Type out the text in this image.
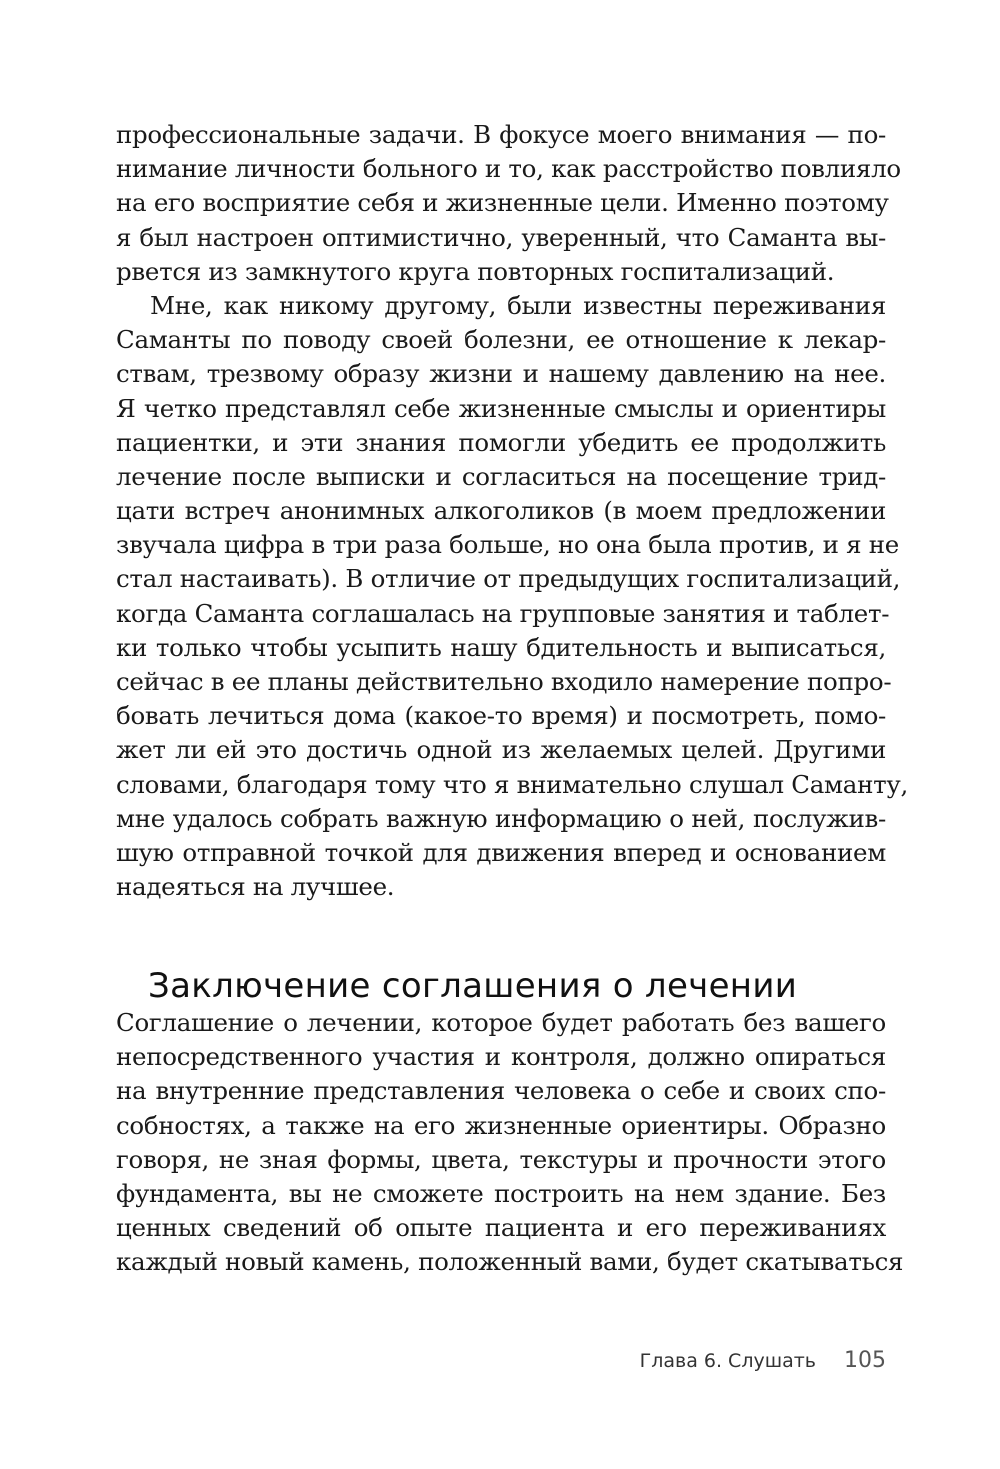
профессиональные задачи. В фокусе моего внимания — по-
нимание личности больного и то, как расстройство повлияло
на его восприятие себя и жизненные цели. Именно поэтому
я был настроен оптимистично, уверенный, что Саманта вы-
рвется из замкнутого круга повторных госпитализаций.
Мне, как никому другому, были известны переживания
Саманты по поводу своей болезни, ее отношение к лекар-
ствам, трезвому образу жизни и нашему давлению на нее.
Я четко представлял себе жизненные смыслы и ориентиры
пациентки, и эти знания помогли убедить ее продолжить
лечение после выписки и согласиться на посещение трид-
цати встреч анонимных алкоголиков (в моем предложении
звучала цифра в три раза больше, но она была против, и я не
стал настаивать). В отличие от предыдущих госпитализаций,
когда Саманта соглашалась на групповые занятия и таблет-
ки только чтобы усыпить нашу бдительность и выписаться,
сейчас в ее планы действительно входило намерение попро-
бовать лечиться дома (какое-то время) и посмотреть, помо-
жет ли ей это достичь одной из желаемых целей. Другими
словами, благодаря тому что я внимательно слушал Саманту,
мне удалось собрать важную информацию о ней, послужив-
шую отправной точкой для движения вперед и основанием
надеяться на лучшее.
Заключение соглашения о лечении
Соглашение о лечении, которое будет работать без вашего
непосредственного участия и контроля, должно опираться
на внутренние представления человека о себе и своих спо-
собностях, а также на его жизненные ориентиры. Образно
говоря, не зная формы, цвета, текстуры и прочности этого
фундамента, вы не сможете построить на нем здание. Без
ценных сведений об опыте пациента и его переживаниях
каждый новый камень, положенный вами, будет скатываться
Глава 6. Слушать 105
